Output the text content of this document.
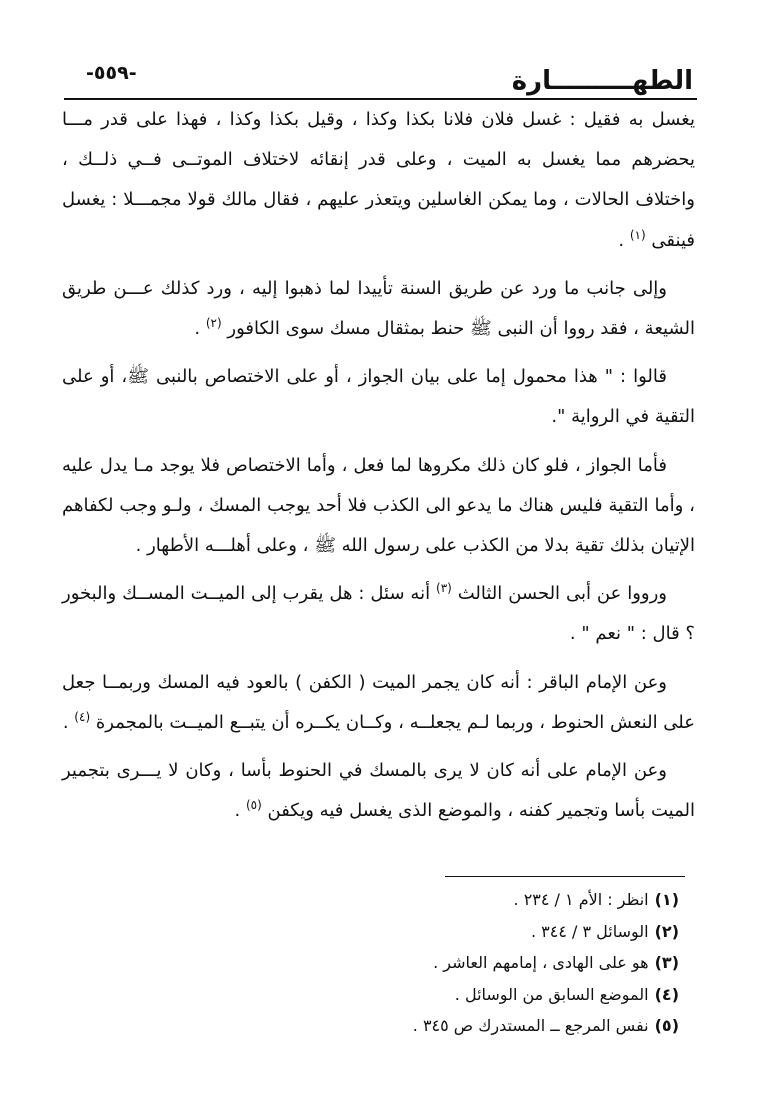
-٥٥٩-	الطهـــــــــارة

يغسل به فقيل : غسل فلان فلانا بكذا وكذا ، وقيل بكذا وكذا ، فهذا على قدر مـــا يحضرهم مما يغسل به الميت ، وعلى قدر إنقائه لاختلاف الموتــى فــي ذلــك ، واختلاف الحالات ، وما يمكن الغاسلين ويتعذر عليهم ، فقال مالك قولا مجمـــلا : يغسل فينقى $^{(١)}$ .

وإلى جانب ما ورد عن طريق السنة تأييدا لما ذهبوا إليه ، ورد كذلك عـــن طريق الشيعة ، فقد رووا أن النبى ﷺ حنط بمثقال مسك سوى الكافور $^{(٢)}$ .

قالوا : " هذا محمول إما على بيان الجواز ، أو على الاختصاص بالنبى ﷺ، أو على التقية في الرواية ".

فأما الجواز ، فلو كان ذلك مكروها لما فعل ، وأما الاختصاص فلا يوجد مـا يدل عليه ، وأما التقية فليس هناك ما يدعو الى الكذب فلا أحد يوجب المسك ، ولـو وجب لكفاهم الإتيان بذلك تقية بدلا من الكذب على رسول الله ﷺ ، وعلى أهلـــه الأطهار .

ورووا عن أبى الحسن الثالث $^{(٣)}$ أنه سئل : هل يقرب إلى الميــت المســك والبخور ؟ قال : " نعم " .

وعن الإمام الباقر : أنه كان يجمر الميت ( الكفن ) بالعود فيه المسك وربمــا جعل على النعش الحنوط ، وربما لـم يجعلــه ، وكــان يكــره أن يتبــع الميــت بالمجمرة $^{(٤)}$ .

وعن الإمام على أنه كان لا يرى بالمسك في الحنوط بأسا ، وكان لا يـــرى بتجمير الميت بأسا وتجمير كفنه ، والموضع الذى يغسل فيه ويكفن $^{(٥)}$ .

(١)انظر : الأم ١ / ٢٣٤ .

(٢)الوسائل ٣ / ٣٤٤ .

(٣)هو على الهادى ، إمامهم العاشر .

(٤)الموضع السابق من الوسائل .

(٥)نفس المرجع ــ المستدرك ص ٣٤٥ .
